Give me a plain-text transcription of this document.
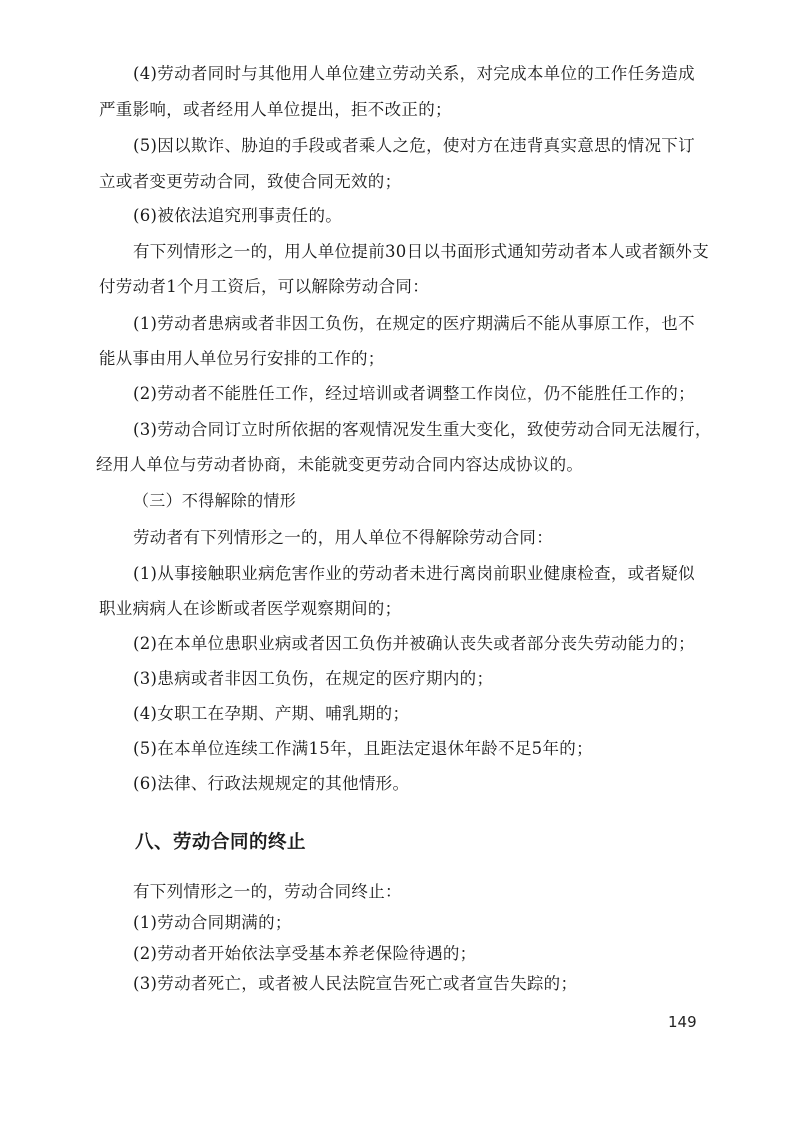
(4)劳动者同时与其他用人单位建立劳动关系，对完成本单位的工作任务造成
严重影响，或者经用人单位提出，拒不改正的；
(5)因以欺诈、胁迫的手段或者乘人之危，使对方在违背真实意思的情况下订
立或者变更劳动合同，致使合同无效的；
(6)被依法追究刑事责任的。
有下列情形之一的，用人单位提前30日以书面形式通知劳动者本人或者额外支
付劳动者1个月工资后，可以解除劳动合同：
(1)劳动者患病或者非因工负伤，在规定的医疗期满后不能从事原工作，也不
能从事由用人单位另行安排的工作的；
(2)劳动者不能胜任工作，经过培训或者调整工作岗位，仍不能胜任工作的；
(3)劳动合同订立时所依据的客观情况发生重大变化，致使劳动合同无法履行，
经用人单位与劳动者协商，未能就变更劳动合同内容达成协议的。
（三）不得解除的情形
劳动者有下列情形之一的，用人单位不得解除劳动合同：
(1)从事接触职业病危害作业的劳动者未进行离岗前职业健康检查，或者疑似
职业病病人在诊断或者医学观察期间的；
(2)在本单位患职业病或者因工负伤并被确认丧失或者部分丧失劳动能力的；
(3)患病或者非因工负伤，在规定的医疗期内的；
(4)女职工在孕期、产期、哺乳期的；
(5)在本单位连续工作满15年，且距法定退休年龄不足5年的；
(6)法律、行政法规规定的其他情形。
八、劳动合同的终止
有下列情形之一的，劳动合同终止：
(1)劳动合同期满的；
(2)劳动者开始依法享受基本养老保险待遇的；
(3)劳动者死亡，或者被人民法院宣告死亡或者宣告失踪的；
149
